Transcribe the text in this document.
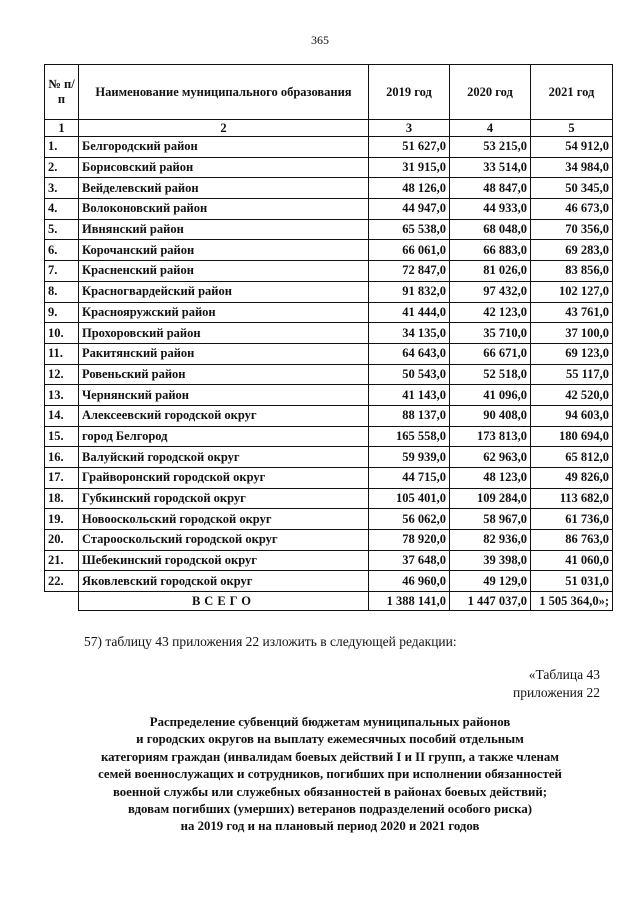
365
№ п/п	Наименование муниципального образования	2019 год	2020 год	2021 год
1	2	3	4	5
1.	Белгородский район	51 627,0	53 215,0	54 912,0
2.	Борисовский район	31 915,0	33 514,0	34 984,0
3.	Вейделевский район	48 126,0	48 847,0	50 345,0
4.	Волоконовский район	44 947,0	44 933,0	46 673,0
5.	Ивнянский район	65 538,0	68 048,0	70 356,0
6.	Корочанский район	66 061,0	66 883,0	69 283,0
7.	Красненский район	72 847,0	81 026,0	83 856,0
8.	Красногвардейский район	91 832,0	97 432,0	102 127,0
9.	Краснояружский район	41 444,0	42 123,0	43 761,0
10.	Прохоровский район	34 135,0	35 710,0	37 100,0
11.	Ракитянский район	64 643,0	66 671,0	69 123,0
12.	Ровеньский район	50 543,0	52 518,0	55 117,0
13.	Чернянский район	41 143,0	41 096,0	42 520,0
14.	Алексеевский городской округ	88 137,0	90 408,0	94 603,0
15.	город Белгород	165 558,0	173 813,0	180 694,0
16.	Валуйский городской округ	59 939,0	62 963,0	65 812,0
17.	Грайворонский городской округ	44 715,0	48 123,0	49 826,0
18.	Губкинский городской округ	105 401,0	109 284,0	113 682,0
19.	Новооскольский городской округ	56 062,0	58 967,0	61 736,0
20.	Старооскольский городской округ	78 920,0	82 936,0	86 763,0
21.	Шебекинский городской округ	37 648,0	39 398,0	41 060,0
22.	Яковлевский городской округ	46 960,0	49 129,0	51 031,0
	ВСЕГО	1 388 141,0	1 447 037,0	1 505 364,0»;
57) таблицу 43 приложения 22 изложить в следующей редакции:
«Таблица 43
приложения 22
Распределение субвенций бюджетам муниципальных районов
и городских округов на выплату ежемесячных пособий отдельным
категориям граждан (инвалидам боевых действий I и II групп, а также членам
семей военнослужащих и сотрудников, погибших при исполнении обязанностей
военной службы или служебных обязанностей в районах боевых действий;
вдовам погибших (умерших) ветеранов подразделений особого риска)
на 2019 год и на плановый период 2020 и 2021 годов
